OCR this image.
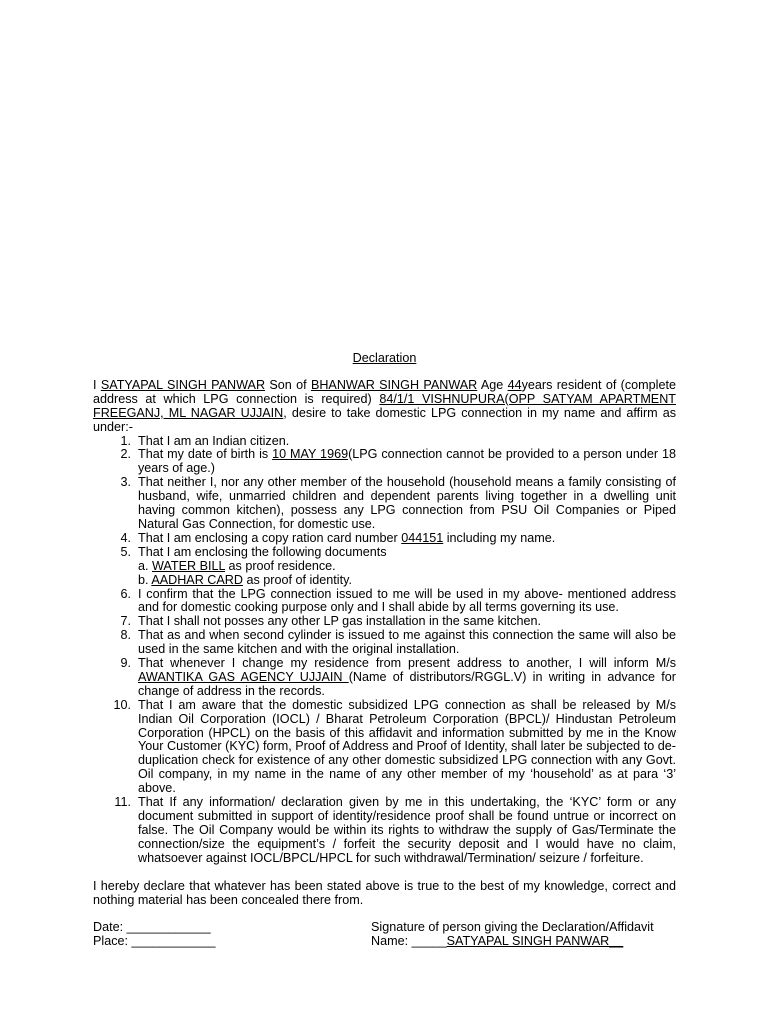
Declaration

I SATYAPAL SINGH PANWAR Son of BHANWAR SINGH PANWAR Age 44years resident of (complete address at which LPG connection is required) 84/1/1 VISHNUPURA(OPP SATYAM APARTMENT FREEGANJ, ML NAGAR UJJAIN, desire to take domestic LPG connection in my name and affirm as under:-

1. That I am an Indian citizen.
2. That my date of birth is 10 MAY 1969(LPG connection cannot be provided to a person under 18 years of age.)
3. That neither I, nor any other member of the household (household means a family consisting of husband, wife, unmarried children and dependent parents living together in a dwelling unit having common kitchen), possess any LPG connection from PSU Oil Companies or Piped Natural Gas Connection, for domestic use.
4. That I am enclosing a copy ration card number 044151 including my name.
5. That I am enclosing the following documents
a. WATER BILL as proof residence.
b. AADHAR CARD as proof of identity.
6. I confirm that the LPG connection issued to me will be used in my above- mentioned address and for domestic cooking purpose only and I shall abide by all terms governing its use.
7. That I shall not posses any other LP gas installation in the same kitchen.
8. That as and when second cylinder is issued to me against this connection the same will also be used in the same kitchen and with the original installation.
9. That whenever I change my residence from present address to another, I will inform M/s AWANTIKA GAS AGENCY UJJAIN (Name of distributors/RGGL.V) in writing in advance for change of address in the records.
10. That I am aware that the domestic subsidized LPG connection as shall be released by M/s Indian Oil Corporation (IOCL) / Bharat Petroleum Corporation (BPCL)/ Hindustan Petroleum Corporation (HPCL) on the basis of this affidavit and information submitted by me in the Know Your Customer (KYC) form, Proof of Address and Proof of Identity, shall later be subjected to de-duplication check for existence of any other domestic subsidized LPG connection with any Govt. Oil company, in my name in the name of any other member of my ‘household’ as at para ‘3’ above.
11. That If any information/ declaration given by me in this undertaking, the ‘KYC’ form or any document submitted in support of identity/residence proof shall be found untrue or incorrect on false. The Oil Company would be within its rights to withdraw the supply of Gas/Terminate the connection/size the equipment’s / forfeit the security deposit and I would have no claim, whatsoever against IOCL/BPCL/HPCL for such withdrawal/Termination/ seizure / forfeiture.

I hereby declare that whatever has been stated above is true to the best of my knowledge, correct and nothing material has been concealed there from.

Date: ____________
Place: ____________
Signature of person giving the Declaration/Affidavit
Name: _____SATYAPAL SINGH PANWAR__
